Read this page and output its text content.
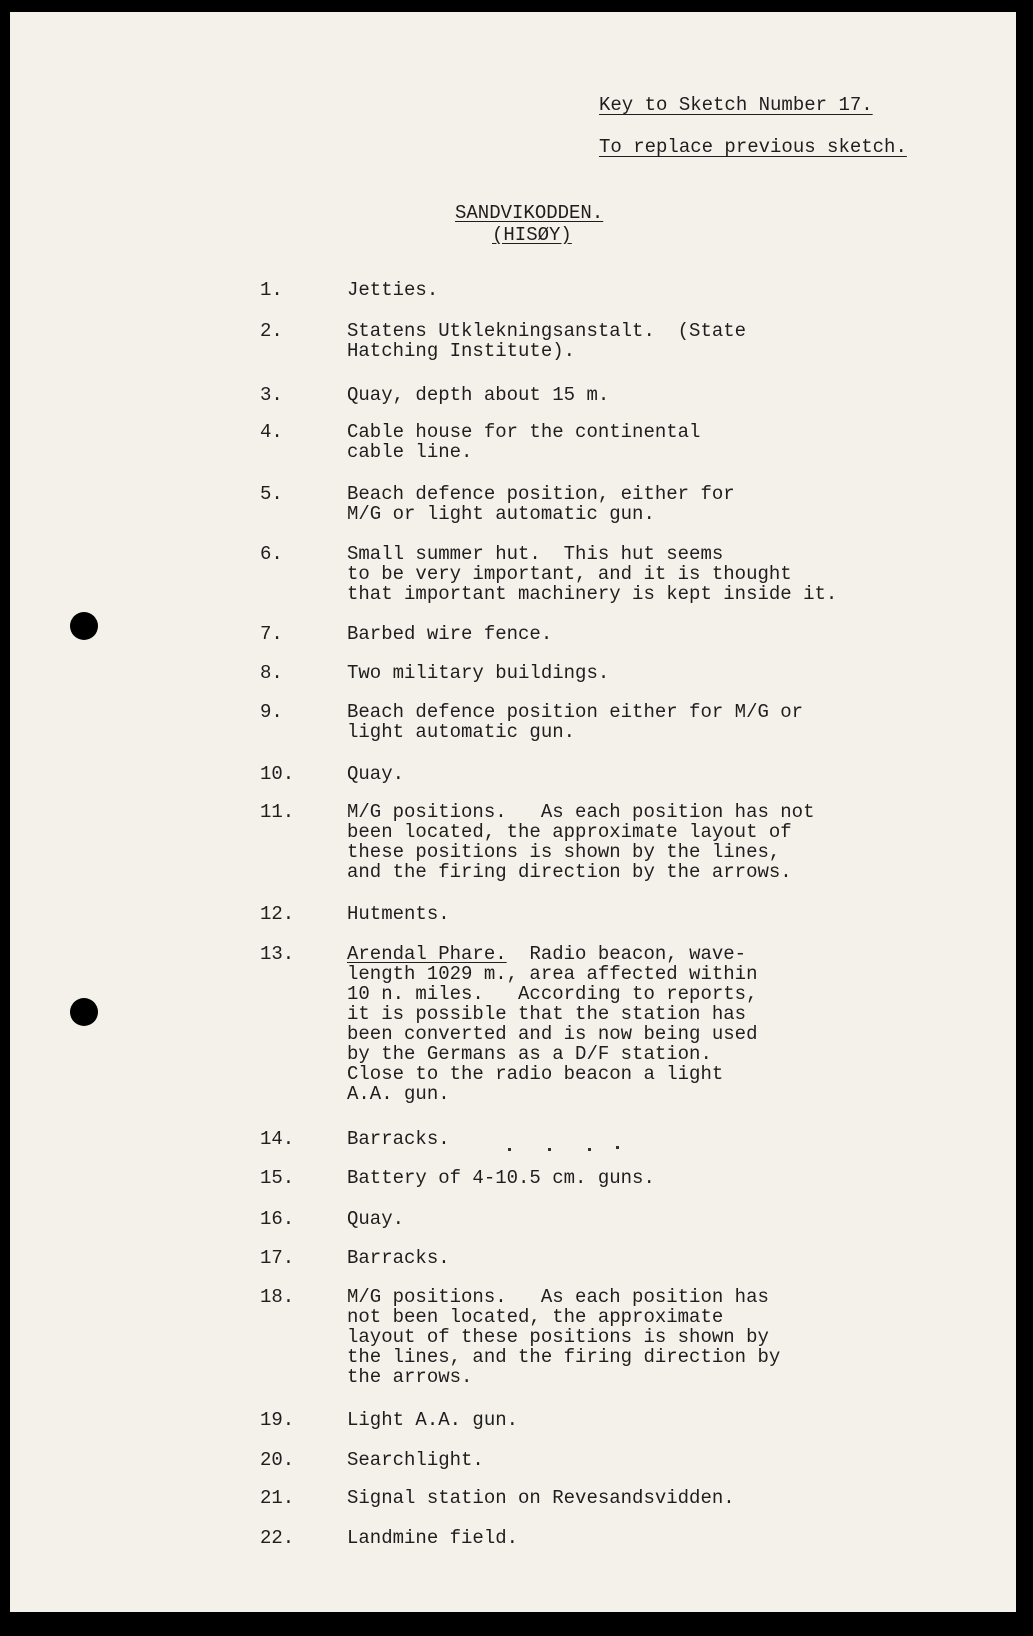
Key to Sketch Number 17.
To replace previous sketch.
SANDVIKODDEN.
(HISØY)
1.	Jetties.
2.	Statens Utklekningsanstalt.  (State
Hatching Institute).
3.	Quay, depth about 15 m.
4.	Cable house for the continental
cable line.
5.	Beach defence position, either for
M/G or light automatic gun.
6.	Small summer hut.  This hut seems
to be very important, and it is thought
that important machinery is kept inside it.
7.	Barbed wire fence.
8.	Two military buildings.
9.	Beach defence position either for M/G or
light automatic gun.
10.	Quay.
11.	M/G positions.   As each position has not
been located, the approximate layout of
these positions is shown by the lines,
and the firing direction by the arrows.
12.	Hutments.
13.	Arendal Phare.  Radio beacon, wave-
length 1029 m., area affected within
10 n. miles.   According to reports,
it is possible that the station has
been converted and is now being used
by the Germans as a D/F station.
Close to the radio beacon a light
A.A. gun.
14.	Barracks.
15.	Battery of 4-10.5 cm. guns.
16.	Quay.
17.	Barracks.
18.	M/G positions.   As each position has
not been located, the approximate
layout of these positions is shown by
the lines, and the firing direction by
the arrows.
19.	Light A.A. gun.
20.	Searchlight.
21.	Signal station on Revesandsvidden.
22.	Landmine field.
